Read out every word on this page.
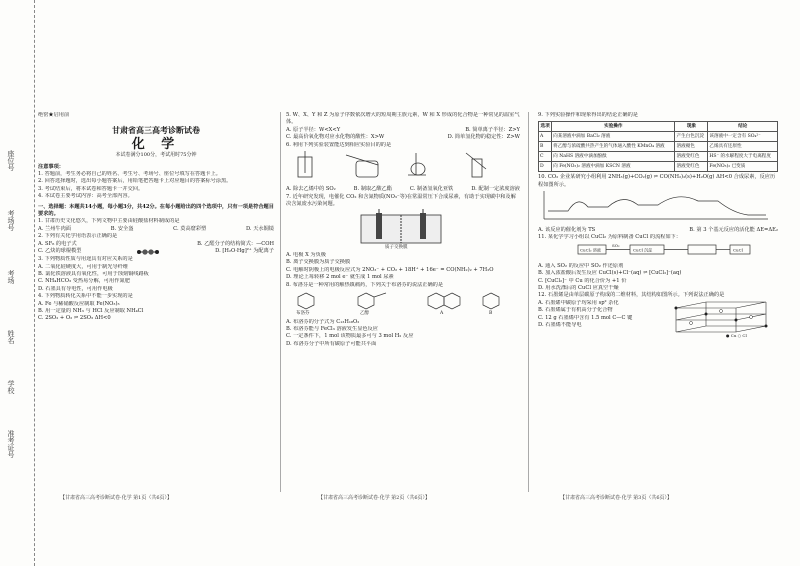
座位号
考场号
考场
姓名
学校
准考证号
绝密★启用前
甘肃省高三高考诊断试卷
化 学
本试卷满分100分，考试用时75分钟
注意事项：
1. 答题前，考生务必将自己的姓名、考生号、考场号、座位号填写在答题卡上。
2. 回答选择题时，选出每小题答案后，用铅笔把答题卡上对应题目的答案标号涂黑。
3. 考试结束后，将本试卷和答题卡一并交回。
4. 本试卷主要考试内容：高考全部内容。
一、选择题：本题共14小题，每小题3分，共42分。在每小题给出的四个选项中，只有一项是符合题目要求的。
1. 甘肃历史文化悠久，下列文物中主要由硅酸盐材料制成的是
A. 兰州牛肉面	B. 安全盔	C. 莫高窟彩塑	D. 天水铜镜
2. 下列有关化学用语表示正确的是
A. SF₆ 的电子式	B. 乙醛分子的结构简式：—COH
C. 乙炔的球棍模型	D. [H₂O·Hg]²⁺ 为配离子
3. 下列物质性质与用途具有对应关系的是
A. 二氧化硅硬度大，可用于制光导纤维
B. 氯化铁溶液具有氧化性，可用于蚀刻铜线路板
C. NH₄HCO₃ 受热易分解，可用作氮肥
D. 石墨具有导电性，可用作电极
4. 下列物质转化关系中不能一步实现的是
A. Fe 与稀硝酸反应制取 Fe(NO₃)₃
B. 用一定量的 NH₃ 与 HCl 反应制取 NH₄Cl
C. 2SO₂ + O₂ ⇌ 2SO₃ ΔH<0
5. W、X、Y 和 Z 为原子序数依次增大的短周期主族元素，W 和 X 形成的化合物是一种常见的温室气体。
A. 原子半径：W<X<Y	B. 简单离子半径：Z>Y
C. 最高价氧化物对应水化物的酸性：X>W	D. 简单氢化物的稳定性：Z>W
6. 利用下列实验装置能达到相应实验目的的是
A. 除去乙烯中的 SO₂	B. 制取乙酸乙酯	C. 制备氢氧化亚铁	D. 配制一定浓度溶液
7. 近年研究发现，电催化 CO₂ 和含氮物质(NO₃⁻等)在常温常压下合成尿素，有助于实现碳中和及解决含氮废水污染问题。
质子交换膜
A. 电极 X 为负极
B. 离子交换膜为质子交换膜
C. 电解时阴极上的电极反应式为 2NO₃⁻ + CO₂ + 18H⁺ + 16e⁻ = CO(NH₂)₂ + 7H₂O
D. 理论上每转移 2 mol e⁻ 就生成 1 mol 尿素
8. 布洛芬是一种常用的解热镇痛药，下列关于布洛芬的说法正确的是
布洛芬	乙醇	A	B
A. 布洛芬的分子式为 C₁₃H₁₈O₂
B. 布洛芬能与 FeCl₃ 溶液发生显色反应
C. 一定条件下，1 mol 该物质最多可与 3 mol H₂ 反应
D. 布洛芬分子中所有碳原子可能共平面
9. 下列实验操作和现象得出的结论正确的是
选项	实验操作	现象	结论
A	向某溶液中滴加 BaCl₂ 溶液	产生白色沉淀	该溶液中一定含有 SO₄²⁻
B	将乙醇与浓硫酸共热产生的气体通入酸性 KMnO₄ 溶液	溶液褪色	乙烯具有还原性
C	向 NaHS 溶液中滴加酚酞	溶液变红色	HS⁻ 的水解程度大于电离程度
D	向 Fe(NO₃)₂ 溶液中滴加 KSCN 溶液	溶液变红色	Fe(NO₃)₂ 已变质
10. CO₂ 企业某研究小组利用 2NH₃(g)+CO₂(g) ⇌ CO(NH₂)₂(s)+H₂O(g) ΔH<0 合成尿素，反应历程如图所示。
A. 该反应的催化剂为 TS	B. 第 3 个基元反应的活化能 ΔE=ΔE₂
11. 某化学学习小组以 CuCl₂ 为原料制备 CuCl 的流程如下：
CuCl₂ 溶液
SO₂
CuCl 沉淀	CuCl
A. 通入 SO₂ 的反应中 SO₂ 作还原剂
B. 加入浓盐酸后发生反应 CuCl(s)+Cl⁻(aq) ⇌ [CuCl₂]⁻(aq)
C. [CuCl₂]⁻ 中 Cu 的化合价为 +1 价
D. 用水洗涤后的 CuCl 应真空干燥
12. 石墨烯是由单层碳原子构成的二维材料，其结构如图所示。下列说法正确的是
A. 石墨烯中碳原子均采用 sp² 杂化
B. 石墨烯属于有机高分子化合物
C. 12 g 石墨烯中含有 1.5 mol C—C 键
D. 石墨烯不能导电
● Cu ○ Cl
【甘肃省高三高考诊断试卷·化学 第1页（共6页）】	【甘肃省高三高考诊断试卷·化学 第2页（共6页）】	【甘肃省高三高考诊断试卷·化学 第3页（共6页）】
